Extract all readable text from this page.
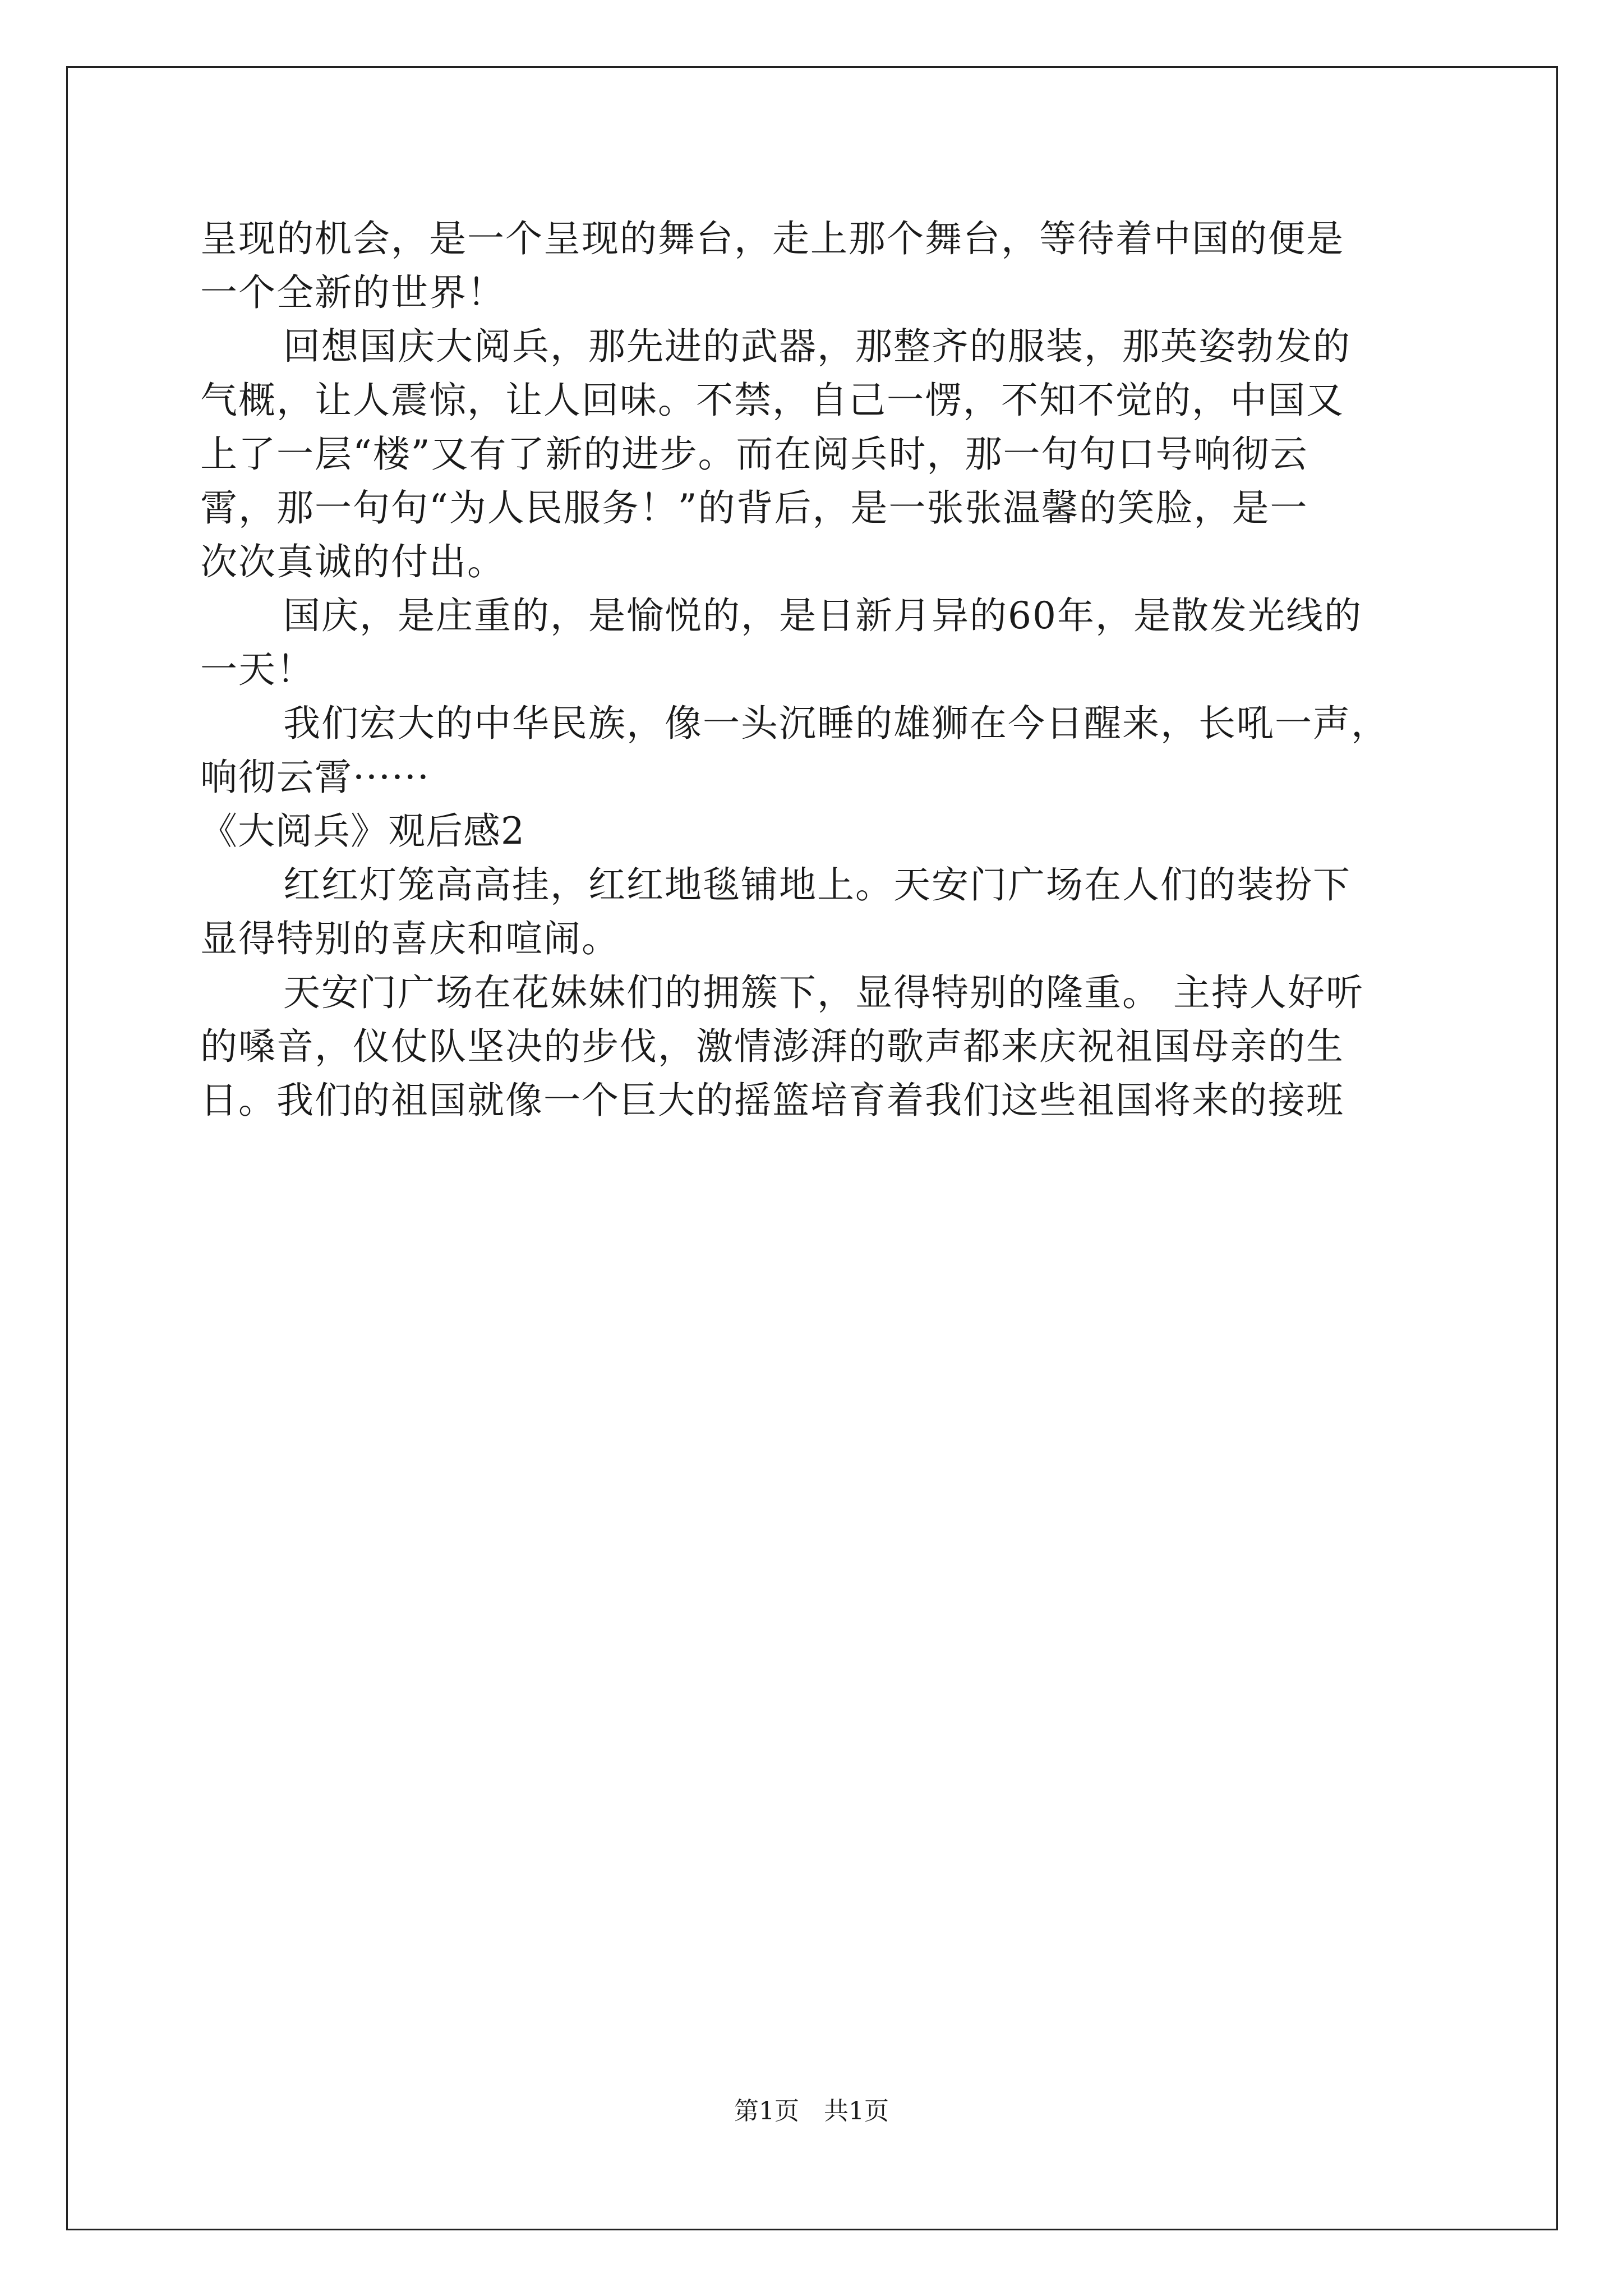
呈现的机会，是一个呈现的舞台，走上那个舞台，等待着中国的便是
一个全新的世界！
回想国庆大阅兵，那先进的武器，那整齐的服装，那英姿勃发的
气概，让人震惊，让人回味。不禁，自己一愣，不知不觉的，中国又
上了一层“楼”又有了新的进步。而在阅兵时，那一句句口号响彻云
霄，那一句句“为人民服务！”的背后，是一张张温馨的笑脸，是一
次次真诚的付出。
国庆，是庄重的，是愉悦的，是日新月异的60年，是散发光线的
一天！
我们宏大的中华民族，像一头沉睡的雄狮在今日醒来，长吼一声，
响彻云霄······
《大阅兵》观后感2
红红灯笼高高挂，红红地毯铺地上。天安门广场在人们的装扮下
显得特别的喜庆和喧闹。
天安门广场在花妹妹们的拥簇下，显得特别的隆重。 主持人好听
的嗓音，仪仗队坚决的步伐，激情澎湃的歌声都来庆祝祖国母亲的生
日。我们的祖国就像一个巨大的摇篮培育着我们这些祖国将来的接班
第1页　共1页
